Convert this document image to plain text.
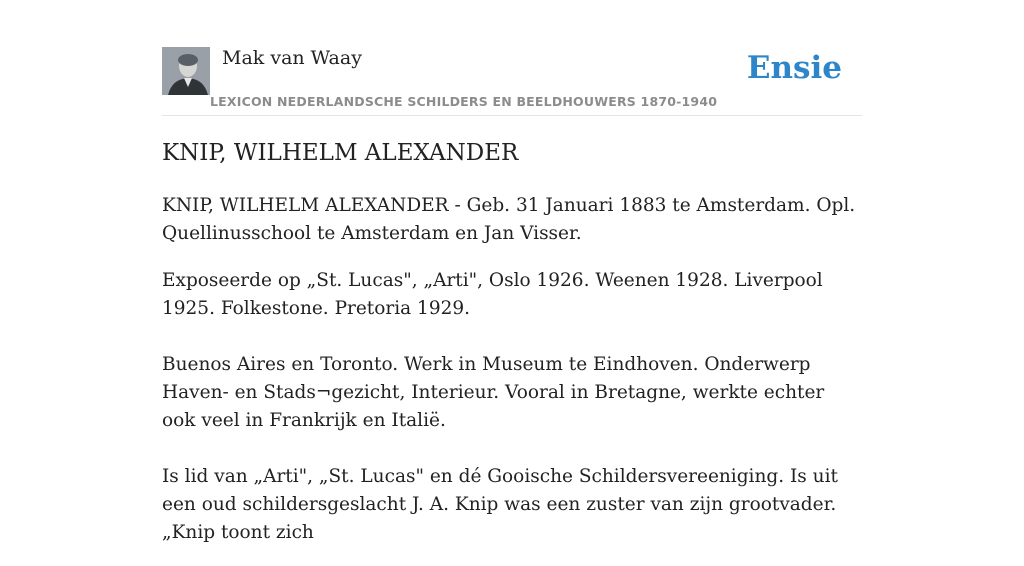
Mak van Waay
LEXICON NEDERLANDSCHE SCHILDERS EN BEELDHOUWERS 1870-1940
Ensie
KNIP, WILHELM ALEXANDER

KNIP, WILHELM ALEXANDER - Geb. 31 Januari 1883 te Amsterdam. Opl. Quellinusschool te Amsterdam en Jan Visser.

Exposeerde op „St. Lucas", „Arti", Oslo 1926. Weenen 1928. Liverpool 1925. Folkestone. Pretoria 1929.

Buenos Aires en Toronto. Werk in Museum te Eindhoven. Onderwerp Haven- en Stads¬gezicht, Interieur. Vooral in Bretagne, werkte echter ook veel in Frankrijk en Italië.

Is lid van „Arti", „St. Lucas" en dé Gooische Schildersvereeniging. Is uit een oud schildersgeslacht J. A. Knip was een zuster van zijn grootvader. „Knip toont zich
